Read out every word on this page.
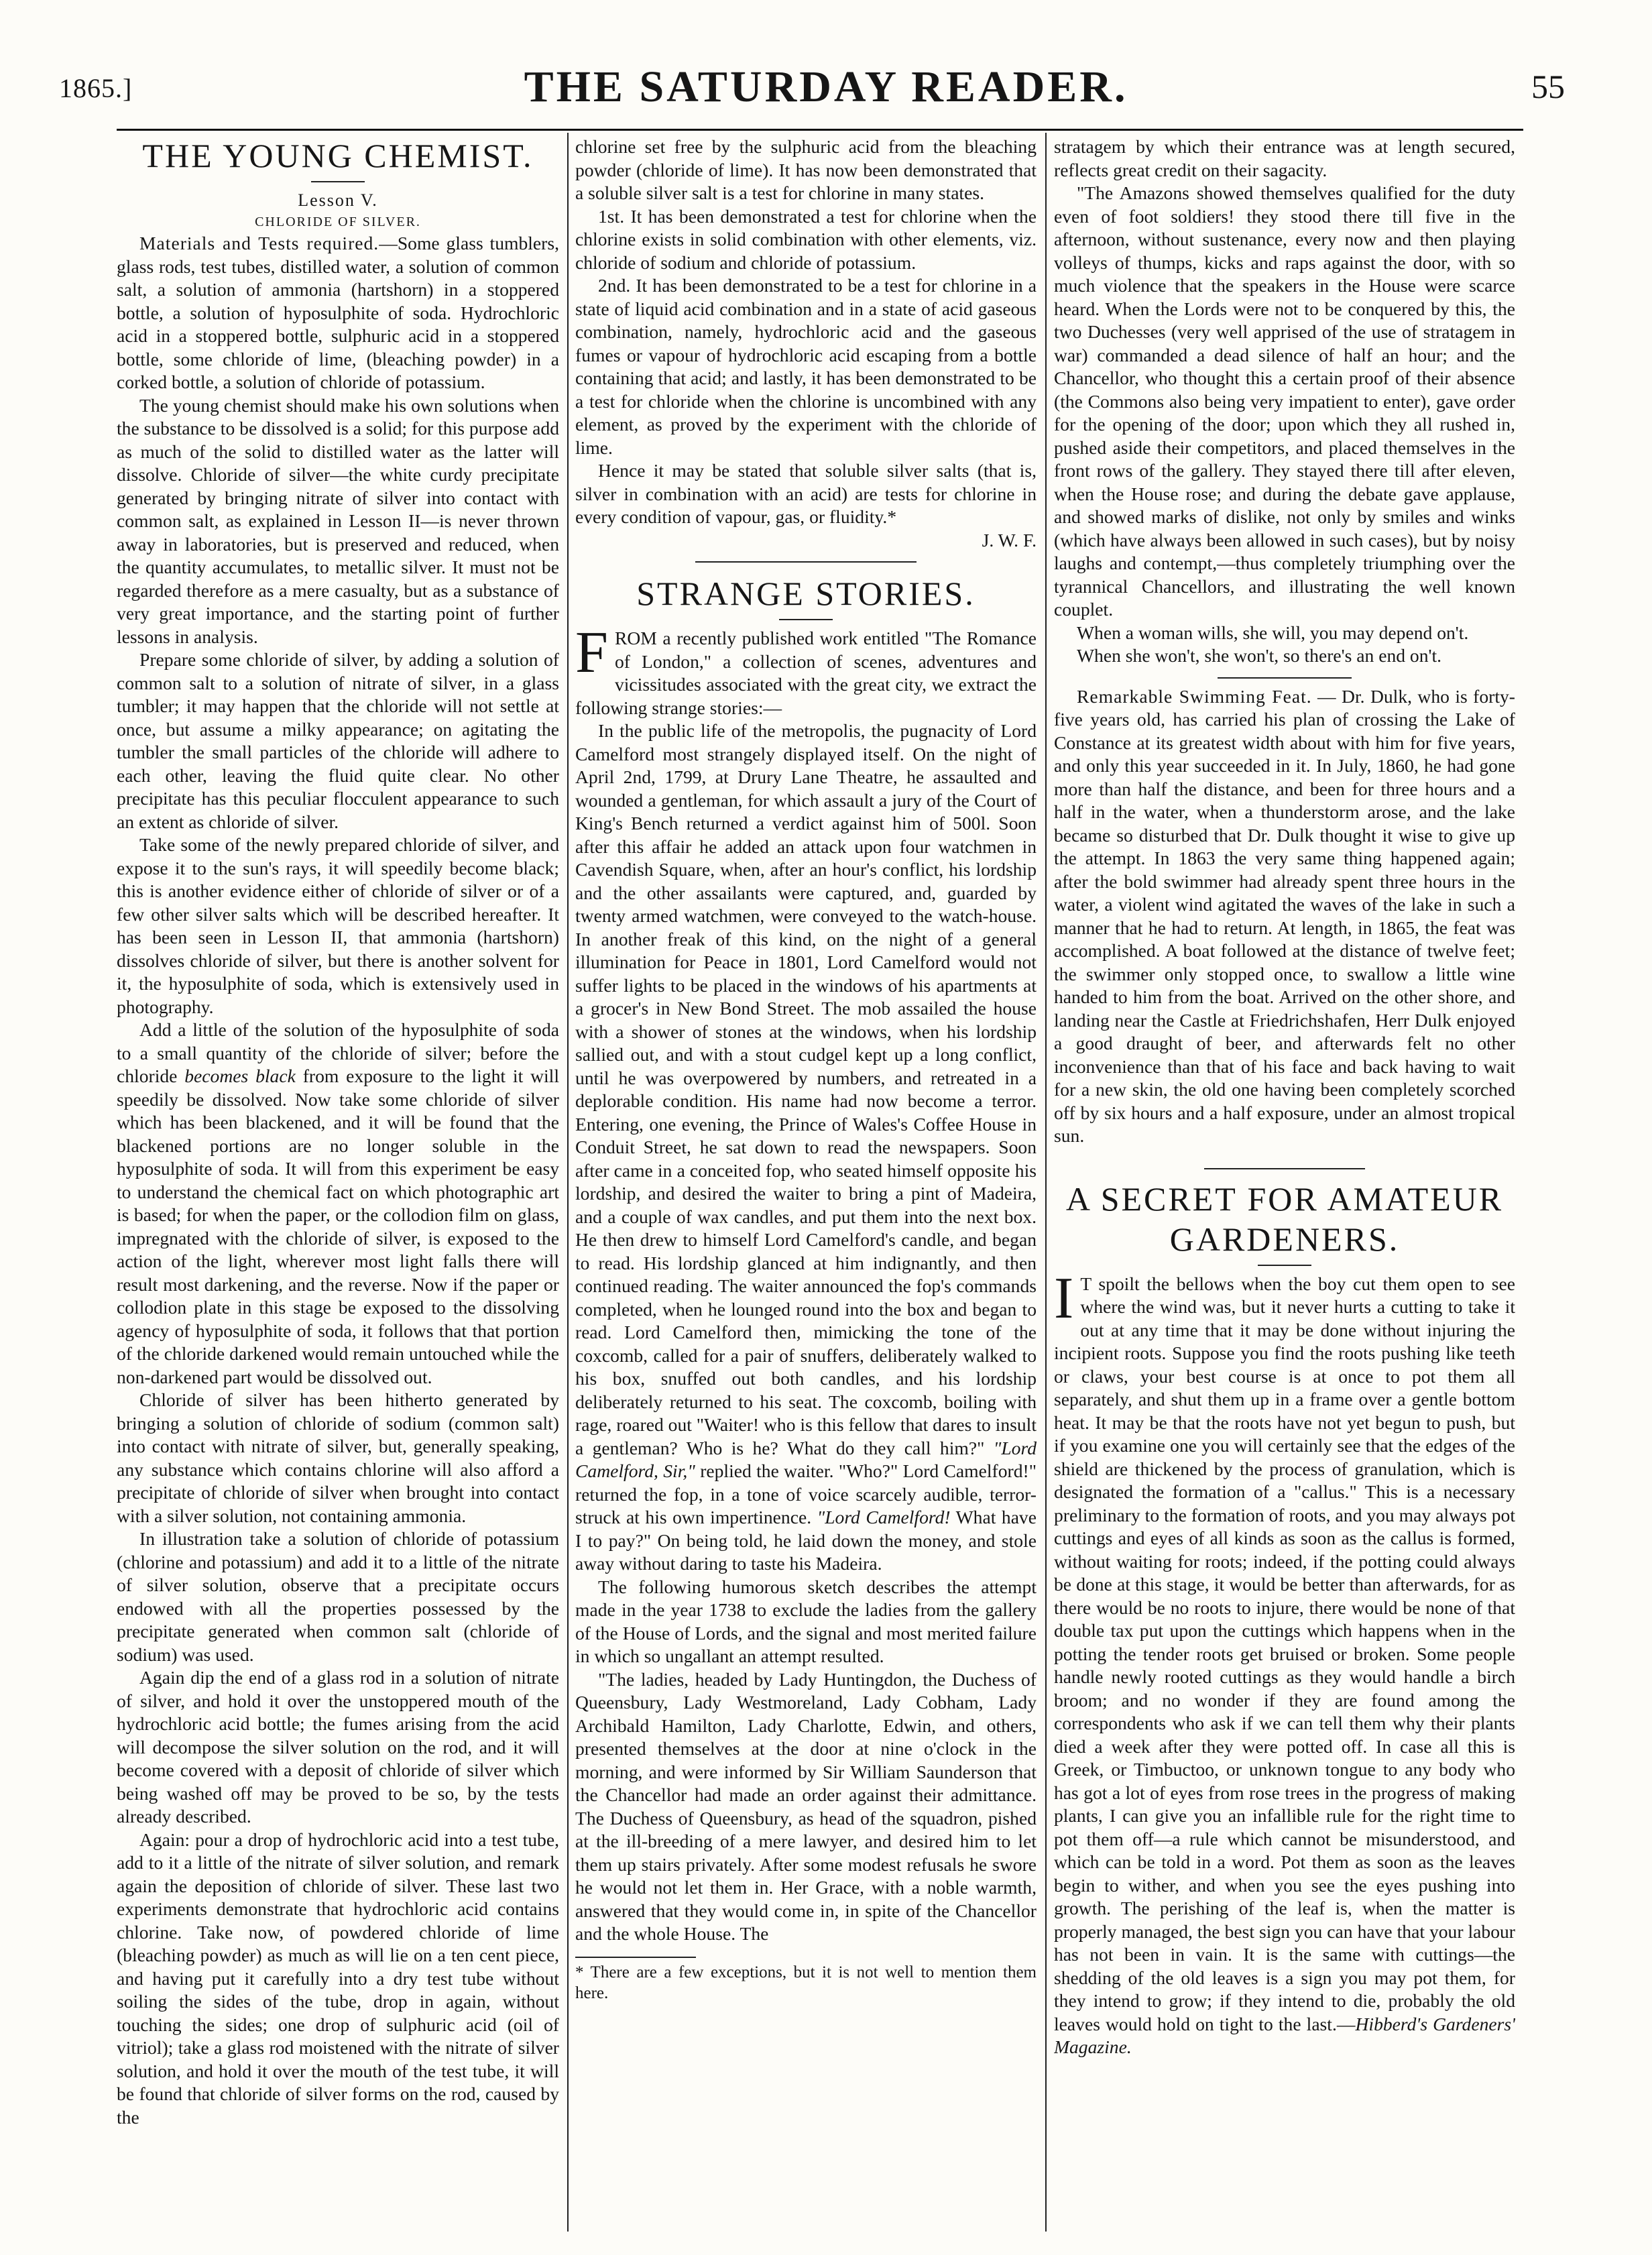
1865.]	THE SATURDAY READER.	55
THE YOUNG CHEMIST.
Lesson V.
CHLORIDE OF SILVER.

Materials and Tests required.—Some glass tumblers, glass rods, test tubes, distilled water, a solution of common salt, a solution of ammonia (hartshorn) in a stoppered bottle, a solution of hyposulphite of soda. Hydrochloric acid in a stoppered bottle, sulphuric acid in a stoppered bottle, some chloride of lime, (bleaching powder) in a corked bottle, a solution of chloride of potassium.

The young chemist should make his own solutions when the substance to be dissolved is a solid; for this purpose add as much of the solid to distilled water as the latter will dissolve. Chloride of silver—the white curdy precipitate generated by bringing nitrate of silver into contact with common salt, as explained in Lesson II—is never thrown away in laboratories, but is preserved and reduced, when the quantity accumulates, to metallic silver. It must not be regarded therefore as a mere casualty, but as a substance of very great importance, and the starting point of further lessons in analysis.

Prepare some chloride of silver, by adding a solution of common salt to a solution of nitrate of silver, in a glass tumbler; it may happen that the chloride will not settle at once, but assume a milky appearance; on agitating the tumbler the small particles of the chloride will adhere to each other, leaving the fluid quite clear. No other precipitate has this peculiar flocculent appearance to such an extent as chloride of silver.

Take some of the newly prepared chloride of silver, and expose it to the sun's rays, it will speedily become black; this is another evidence either of chloride of silver or of a few other silver salts which will be described hereafter. It has been seen in Lesson II, that ammonia (hartshorn) dissolves chloride of silver, but there is another solvent for it, the hyposulphite of soda, which is extensively used in photography.

Add a little of the solution of the hyposulphite of soda to a small quantity of the chloride of silver; before the chloride becomes black from exposure to the light it will speedily be dissolved. Now take some chloride of silver which has been blackened, and it will be found that the blackened portions are no longer soluble in the hyposulphite of soda. It will from this experiment be easy to understand the chemical fact on which photographic art is based; for when the paper, or the collodion film on glass, impregnated with the chloride of silver, is exposed to the action of the light, wherever most light falls there will result most darkening, and the reverse. Now if the paper or collodion plate in this stage be exposed to the dissolving agency of hyposulphite of soda, it follows that that portion of the chloride darkened would remain untouched while the non-darkened part would be dissolved out.

Chloride of silver has been hitherto generated by bringing a solution of chloride of sodium (common salt) into contact with nitrate of silver, but, generally speaking, any substance which contains chlorine will also afford a precipitate of chloride of silver when brought into contact with a silver solution, not containing ammonia.

In illustration take a solution of chloride of potassium (chlorine and potassium) and add it to a little of the nitrate of silver solution, observe that a precipitate occurs endowed with all the properties possessed by the precipitate generated when common salt (chloride of sodium) was used.

Again dip the end of a glass rod in a solution of nitrate of silver, and hold it over the unstoppered mouth of the hydrochloric acid bottle; the fumes arising from the acid will decompose the silver solution on the rod, and it will become covered with a deposit of chloride of silver which being washed off may be proved to be so, by the tests already described.

Again: pour a drop of hydrochloric acid into a test tube, add to it a little of the nitrate of silver solution, and remark again the deposition of chloride of silver. These last two experiments demonstrate that hydrochloric acid contains chlorine. Take now, of powdered chloride of lime (bleaching powder) as much as will lie on a ten cent piece, and having put it carefully into a dry test tube without soiling the sides of the tube, drop in again, without touching the sides; one drop of sulphuric acid (oil of vitriol); take a glass rod moistened with the nitrate of silver solution, and hold it over the mouth of the test tube, it will be found that chloride of silver forms on the rod, caused by the

chlorine set free by the sulphuric acid from the bleaching powder (chloride of lime). It has now been demonstrated that a soluble silver salt is a test for chlorine in many states.

1st. It has been demonstrated a test for chlorine when the chlorine exists in solid combination with other elements, viz. chloride of sodium and chloride of potassium.

2nd. It has been demonstrated to be a test for chlorine in a state of liquid acid combination and in a state of acid gaseous combination, namely, hydrochloric acid and the gaseous fumes or vapour of hydrochloric acid escaping from a bottle containing that acid; and lastly, it has been demonstrated to be a test for chloride when the chlorine is uncombined with any element, as proved by the experiment with the chloride of lime.

Hence it may be stated that soluble silver salts (that is, silver in combination with an acid) are tests for chlorine in every condition of vapour, gas, or fluidity.*

J. W. F.
STRANGE STORIES.

FROM a recently published work entitled "The Romance of London," a collection of scenes, adventures and vicissitudes associated with the great city, we extract the following strange stories:—

In the public life of the metropolis, the pugnacity of Lord Camelford most strangely displayed itself. On the night of April 2nd, 1799, at Drury Lane Theatre, he assaulted and wounded a gentleman, for which assault a jury of the Court of King's Bench returned a verdict against him of 500l. Soon after this affair he added an attack upon four watchmen in Cavendish Square, when, after an hour's conflict, his lordship and the other assailants were captured, and, guarded by twenty armed watchmen, were conveyed to the watch-house. In another freak of this kind, on the night of a general illumination for Peace in 1801, Lord Camelford would not suffer lights to be placed in the windows of his apartments at a grocer's in New Bond Street. The mob assailed the house with a shower of stones at the windows, when his lordship sallied out, and with a stout cudgel kept up a long conflict, until he was overpowered by numbers, and retreated in a deplorable condition. His name had now become a terror. Entering, one evening, the Prince of Wales's Coffee House in Conduit Street, he sat down to read the newspapers. Soon after came in a conceited fop, who seated himself opposite his lordship, and desired the waiter to bring a pint of Madeira, and a couple of wax candles, and put them into the next box. He then drew to himself Lord Camelford's candle, and began to read. His lordship glanced at him indignantly, and then continued reading. The waiter announced the fop's commands completed, when he lounged round into the box and began to read. Lord Camelford then, mimicking the tone of the coxcomb, called for a pair of snuffers, deliberately walked to his box, snuffed out both candles, and his lordship deliberately returned to his seat. The coxcomb, boiling with rage, roared out "Waiter! who is this fellow that dares to insult a gentleman? Who is he? What do they call him?" "Lord Camelford, Sir," replied the waiter. "Who?" Lord Camelford!" returned the fop, in a tone of voice scarcely audible, terror-struck at his own impertinence. "Lord Camelford! What have I to pay?" On being told, he laid down the money, and stole away without daring to taste his Madeira.

The following humorous sketch describes the attempt made in the year 1738 to exclude the ladies from the gallery of the House of Lords, and the signal and most merited failure in which so ungallant an attempt resulted.

"The ladies, headed by Lady Huntingdon, the Duchess of Queensbury, Lady Westmoreland, Lady Cobham, Lady Archibald Hamilton, Lady Charlotte, Edwin, and others, presented themselves at the door at nine o'clock in the morning, and were informed by Sir William Saunderson that the Chancellor had made an order against their admittance. The Duchess of Queensbury, as head of the squadron, pished at the ill-breeding of a mere lawyer, and desired him to let them up stairs privately. After some modest refusals he swore he would not let them in. Her Grace, with a noble warmth, answered that they would come in, in spite of the Chancellor and the whole House. The

* There are a few exceptions, but it is not well to mention them here.

stratagem by which their entrance was at length secured, reflects great credit on their sagacity.

"The Amazons showed themselves qualified for the duty even of foot soldiers! they stood there till five in the afternoon, without sustenance, every now and then playing volleys of thumps, kicks and raps against the door, with so much violence that the speakers in the House were scarce heard. When the Lords were not to be conquered by this, the two Duchesses (very well apprised of the use of stratagem in war) commanded a dead silence of half an hour; and the Chancellor, who thought this a certain proof of their absence (the Commons also being very impatient to enter), gave order for the opening of the door; upon which they all rushed in, pushed aside their competitors, and placed themselves in the front rows of the gallery. They stayed there till after eleven, when the House rose; and during the debate gave applause, and showed marks of dislike, not only by smiles and winks (which have always been allowed in such cases), but by noisy laughs and contempt,—thus completely triumphing over the tyrannical Chancellors, and illustrating the well known couplet.

When a woman wills, she will, you may depend on't.

When she won't, she won't, so there's an end on't.

Remarkable Swimming Feat. — Dr. Dulk, who is forty-five years old, has carried his plan of crossing the Lake of Constance at its greatest width about with him for five years, and only this year succeeded in it. In July, 1860, he had gone more than half the distance, and been for three hours and a half in the water, when a thunderstorm arose, and the lake became so disturbed that Dr. Dulk thought it wise to give up the attempt. In 1863 the very same thing happened again; after the bold swimmer had already spent three hours in the water, a violent wind agitated the waves of the lake in such a manner that he had to return. At length, in 1865, the feat was accomplished. A boat followed at the distance of twelve feet; the swimmer only stopped once, to swallow a little wine handed to him from the boat. Arrived on the other shore, and landing near the Castle at Friedrichshafen, Herr Dulk enjoyed a good draught of beer, and afterwards felt no other inconvenience than that of his face and back having to wait for a new skin, the old one having been completely scorched off by six hours and a half exposure, under an almost tropical sun.

A SECRET FOR AMATEUR
GARDENERS.

I T spoilt the bellows when the boy cut them open to see where the wind was, but it never hurts a cutting to take it out at any time that it may be done without injuring the incipient roots. Suppose you find the roots pushing like teeth or claws, your best course is at once to pot them all separately, and shut them up in a frame over a gentle bottom heat. It may be that the roots have not yet begun to push, but if you examine one you will certainly see that the edges of the shield are thickened by the process of granulation, which is designated the formation of a "callus." This is a necessary preliminary to the formation of roots, and you may always pot cuttings and eyes of all kinds as soon as the callus is formed, without waiting for roots; indeed, if the potting could always be done at this stage, it would be better than afterwards, for as there would be no roots to injure, there would be none of that double tax put upon the cuttings which happens when in the potting the tender roots get bruised or broken. Some people handle newly rooted cuttings as they would handle a birch broom; and no wonder if they are found among the correspondents who ask if we can tell them why their plants died a week after they were potted off. In case all this is Greek, or Timbuctoo, or unknown tongue to any body who has got a lot of eyes from rose trees in the progress of making plants, I can give you an infallible rule for the right time to pot them off—a rule which cannot be misunderstood, and which can be told in a word. Pot them as soon as the leaves begin to wither, and when you see the eyes pushing into growth. The perishing of the leaf is, when the matter is properly managed, the best sign you can have that your labour has not been in vain. It is the same with cuttings—the shedding of the old leaves is a sign you may pot them, for they intend to grow; if they intend to die, probably the old leaves would hold on tight to the last.—Hibberd's Gardeners' Magazine.
